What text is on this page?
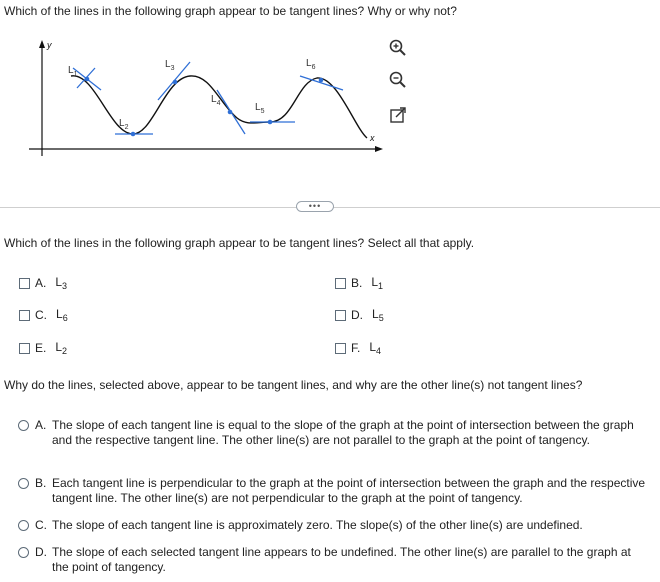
Which of the lines in the following graph appear to be tangent lines? Why or why not?
y
x
$L_1$
$L_2$
$L_3$
$L_4$	$L_5$
$L_6$
•••
Which of the lines in the following graph appear to be tangent lines? Select all that apply.
A. $L_3$	B. $L_1$
C. $L_6$	D. $L_5$
E. $L_2$	F. $L_4$
Why do the lines, selected above, appear to be tangent lines, and why are the other line(s) not tangent lines?
A. The slope of each tangent line is equal to the slope of the graph at the point of intersection between the graph and the respective tangent line. The other line(s) are not parallel to the graph at the point of tangency.
B. Each tangent line is perpendicular to the graph at the point of intersection between the graph and the respective tangent line. The other line(s) are not perpendicular to the graph at the point of tangency.
C. The slope of each tangent line is approximately zero. The slope(s) of the other line(s) are undefined.
D. The slope of each selected tangent line appears to be undefined. The other line(s) are parallel to the graph at the point of tangency.
